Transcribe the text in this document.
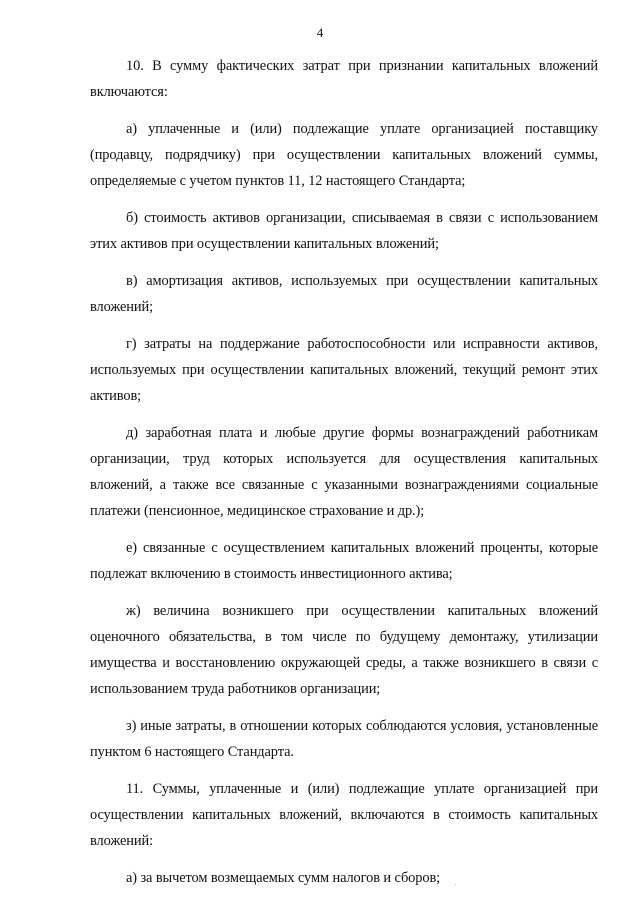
4

10. В сумму фактических затрат при признании капитальных вложений включаются:

а) уплаченные и (или) подлежащие уплате организацией поставщику (продавцу, подрядчику) при осуществлении капитальных вложений суммы, определяемые с учетом пунктов 11, 12 настоящего Стандарта;

б) стоимость активов организации, списываемая в связи с использованием этих активов при осуществлении капитальных вложений;

в) амортизация активов, используемых при осуществлении капитальных вложений;

г) затраты на поддержание работоспособности или исправности активов, используемых при осуществлении капитальных вложений, текущий ремонт этих активов;

д) заработная плата и любые другие формы вознаграждений работникам организации, труд которых используется для осуществления капитальных вложений, а также все связанные с указанными вознаграждениями социальные платежи (пенсионное, медицинское страхование и др.);

е) связанные с осуществлением капитальных вложений проценты, которые подлежат включению в стоимость инвестиционного актива;

ж) величина возникшего при осуществлении капитальных вложений оценочного обязательства, в том числе по будущему демонтажу, утилизации имущества и восстановлению окружающей среды, а также возникшего в связи с использованием труда работников организации;

з) иные затраты, в отношении которых соблюдаются условия, установленные пунктом 6 настоящего Стандарта.

11. Суммы, уплаченные и (или) подлежащие уплате организацией при осуществлении капитальных вложений, включаются в стоимость капитальных вложений:

а) за вычетом возмещаемых сумм налогов и сборов;
